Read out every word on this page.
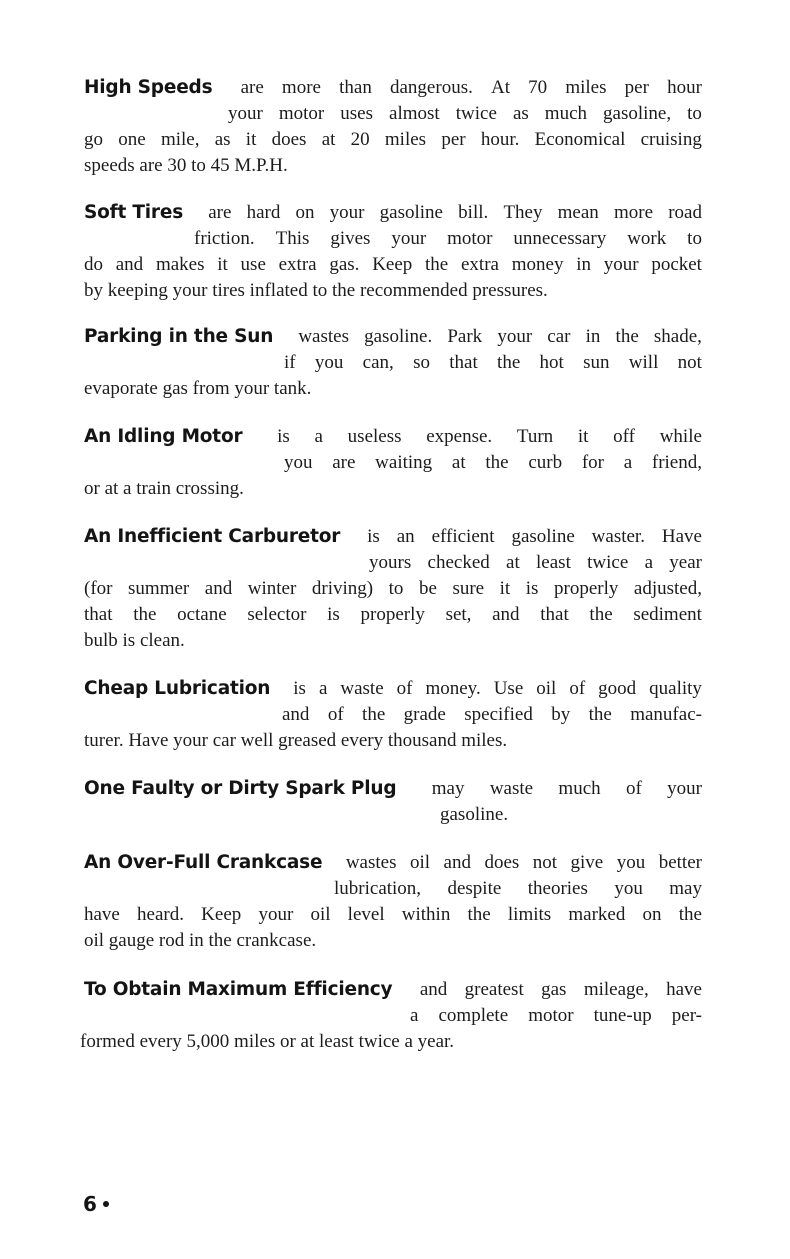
High Speeds are more than dangerous. At 70 miles per hour
your motor uses almost twice as much gasoline, to
go one mile, as it does at 20 miles per hour. Economical cruising
speeds are 30 to 45 M.P.H.
Soft Tires are hard on your gasoline bill. They mean more road
friction. This gives your motor unnecessary work to
do and makes it use extra gas. Keep the extra money in your pocket
by keeping your tires inflated to the recommended pressures.
Parking in the Sun wastes gasoline. Park your car in the shade,
if you can, so that the hot sun will not
evaporate gas from your tank.
An Idling Motor is a useless expense. Turn it off while
you are waiting at the curb for a friend,
or at a train crossing.
An Inefficient Carburetor is an efficient gasoline waster. Have
yours checked at least twice a year
(for summer and winter driving) to be sure it is properly adjusted,
that the octane selector is properly set, and that the sediment
bulb is clean.
Cheap Lubrication is a waste of money. Use oil of good quality
and of the grade specified by the manufac-
turer. Have your car well greased every thousand miles.
One Faulty or Dirty Spark Plug may waste much of your
gasoline.
An Over-Full Crankcase wastes oil and does not give you better
lubrication, despite theories you may
have heard. Keep your oil level within the limits marked on the
oil gauge rod in the crankcase.
To Obtain Maximum Efficiency and greatest gas mileage, have
a complete motor tune-up per-
formed every 5,000 miles or at least twice a year.
6
